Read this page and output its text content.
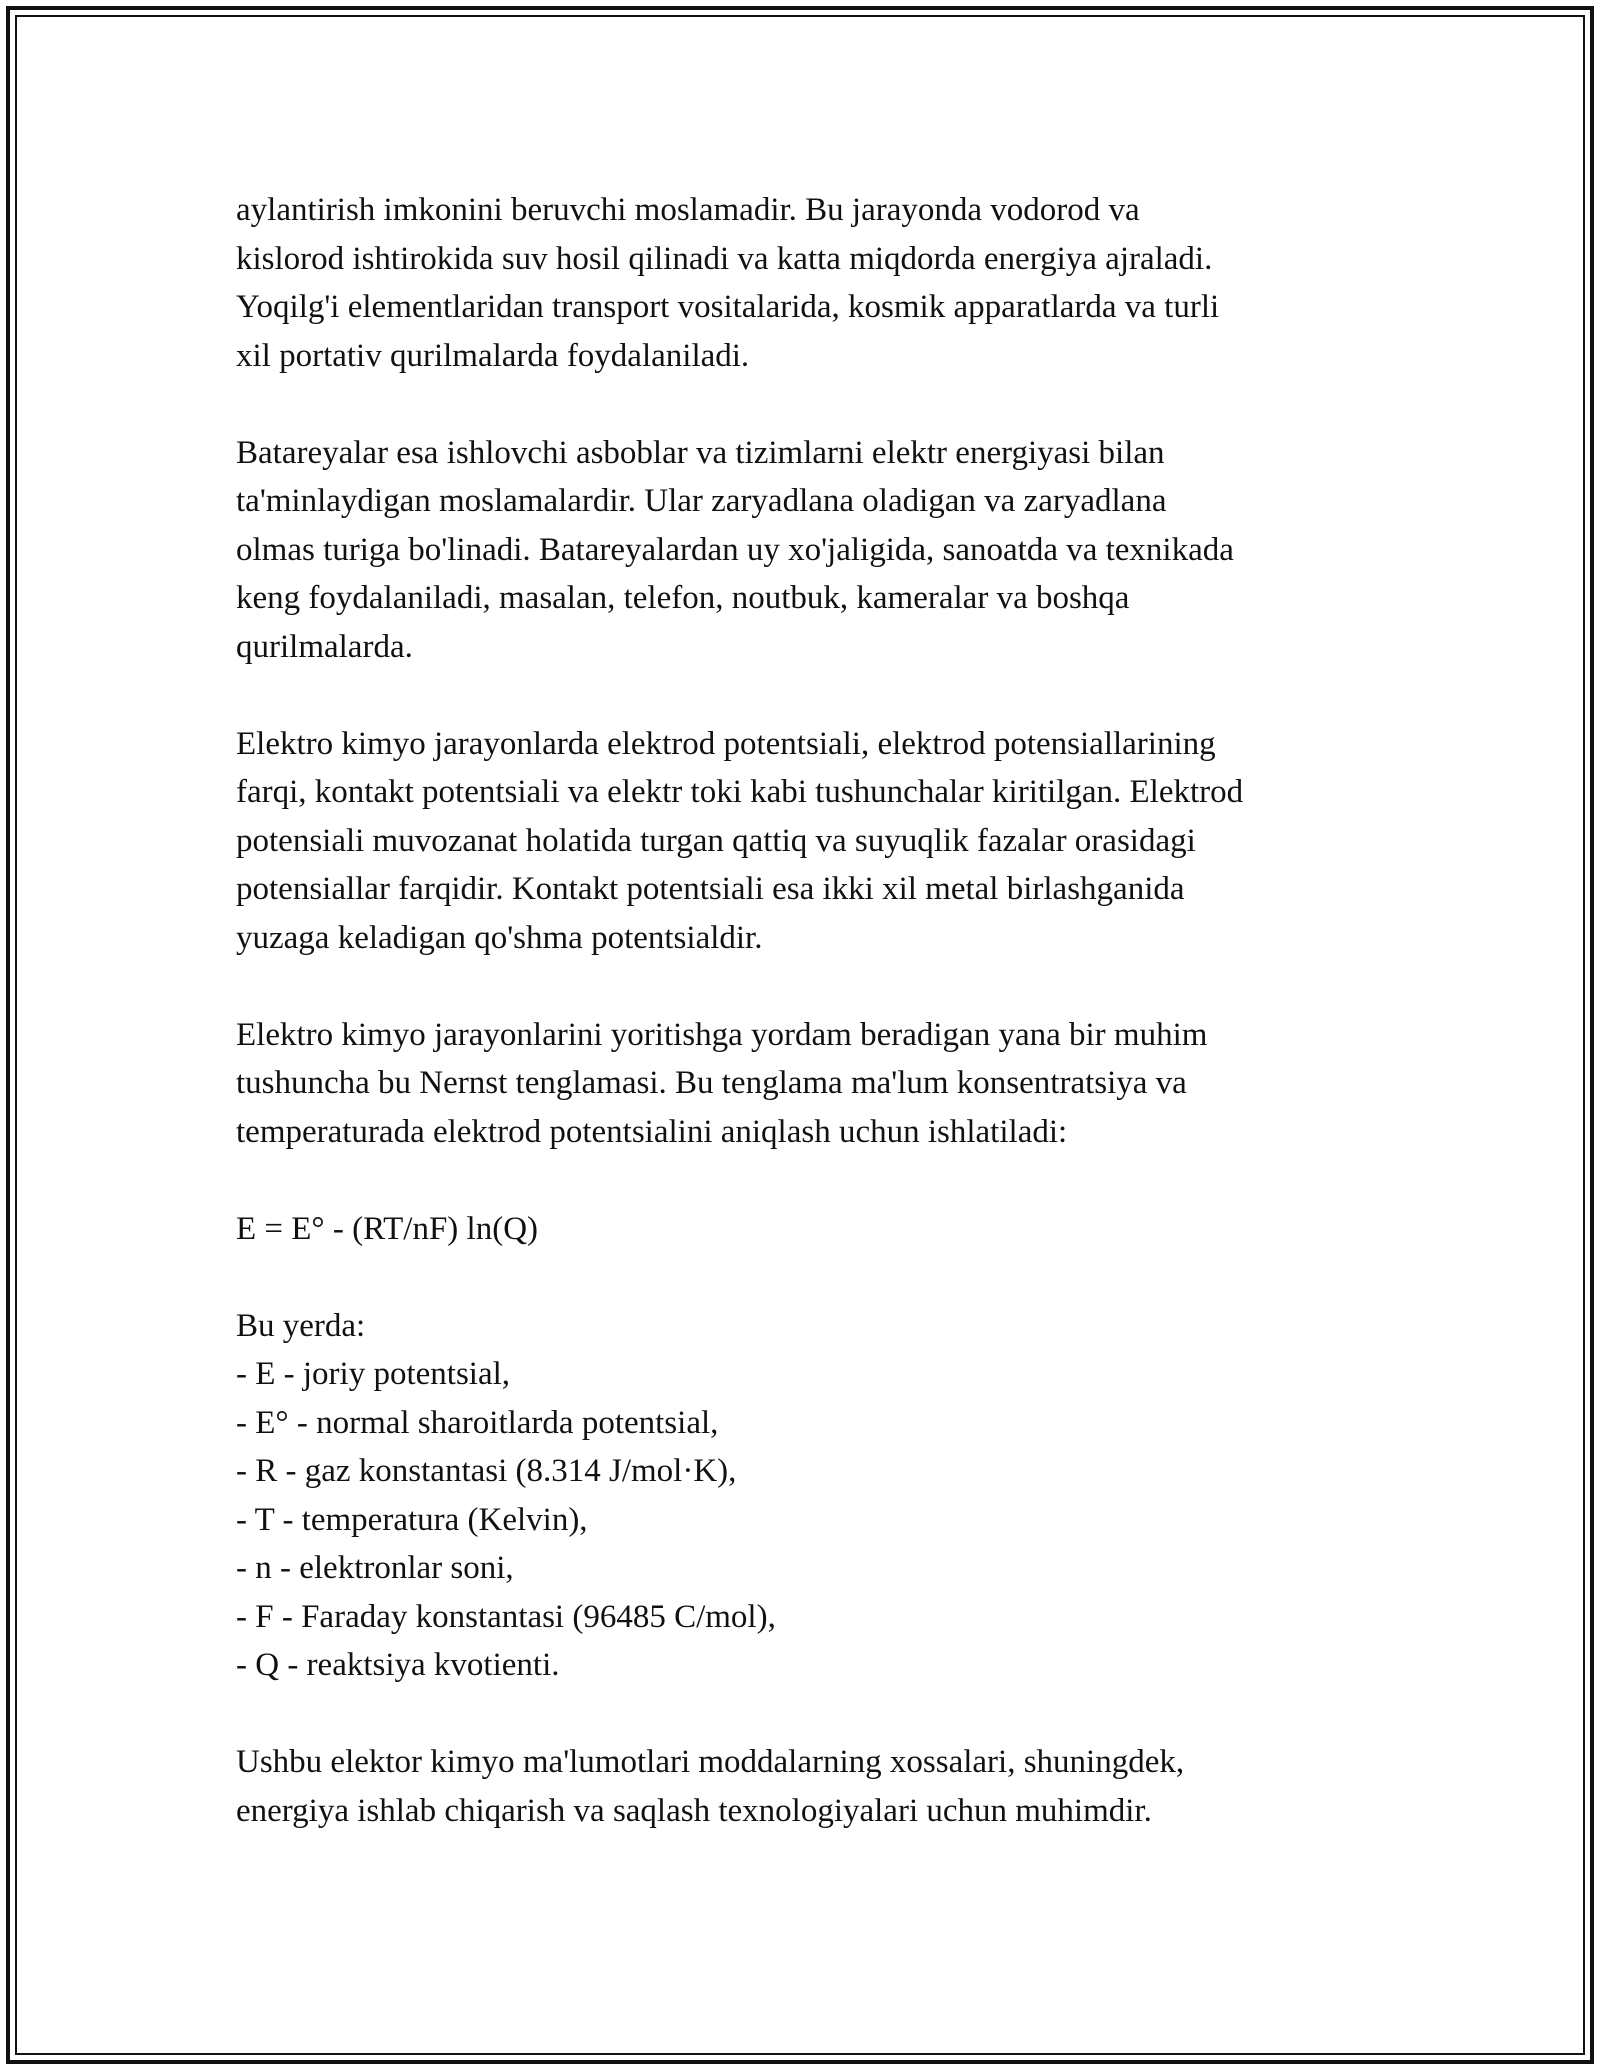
aylantirish imkonini beruvchi moslamadir. Bu jarayonda vodorod va
kislorod ishtirokida suv hosil qilinadi va katta miqdorda energiya ajraladi.
Yoqilg'i elementlaridan transport vositalarida, kosmik apparatlarda va turli
xil portativ qurilmalarda foydalaniladi.

Batareyalar esa ishlovchi asboblar va tizimlarni elektr energiyasi bilan
ta'minlaydigan moslamalardir. Ular zaryadlana oladigan va zaryadlana
olmas turiga bo'linadi. Batareyalardan uy xo'jaligida, sanoatda va texnikada
keng foydalaniladi, masalan, telefon, noutbuk, kameralar va boshqa
qurilmalarda.

Elektro kimyo jarayonlarda elektrod potentsiali, elektrod potensiallarining
farqi, kontakt potentsiali va elektr toki kabi tushunchalar kiritilgan. Elektrod
potensiali muvozanat holatida turgan qattiq va suyuqlik fazalar orasidagi
potensiallar farqidir. Kontakt potentsiali esa ikki xil metal birlashganida
yuzaga keladigan qo'shma potentsialdir.

Elektro kimyo jarayonlarini yoritishga yordam beradigan yana bir muhim
tushuncha bu Nernst tenglamasi. Bu tenglama ma'lum konsentratsiya va
temperaturada elektrod potentsialini aniqlash uchun ishlatiladi:

E = E° - (RT/nF) ln(Q)

Bu yerda:
- E - joriy potentsial,
- E° - normal sharoitlarda potentsial,
- R - gaz konstantasi (8.314 J/mol·K),
- T - temperatura (Kelvin),
- n - elektronlar soni,
- F - Faraday konstantasi (96485 C/mol),
- Q - reaktsiya kvotienti.

Ushbu elektor kimyo ma'lumotlari moddalarning xossalari, shuningdek,
energiya ishlab chiqarish va saqlash texnologiyalari uchun muhimdir.
